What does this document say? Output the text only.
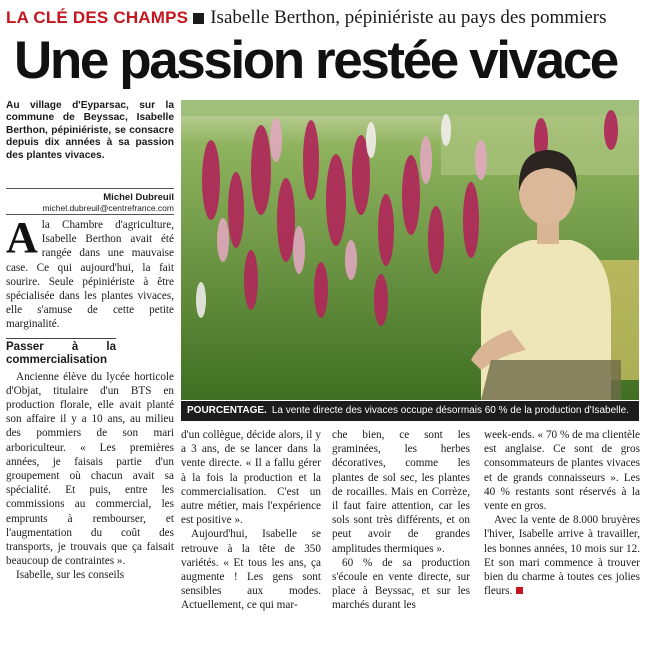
LA CLÉ DES CHAMPS Isabelle Berthon, pépiniériste au pays des pommiers
Une passion restée vivace
Au village d'Eyparsac, sur la commune de Beyssac, Isabelle Berthon, pépiniériste, se consacre depuis dix années à sa passion des plantes vivaces.
Michel Dubreuil
michel.dubreuil@centrefrance.com

Ala Chambre d'agriculture, Isabelle Berthon avait été rangée dans une mauvaise case. Ce qui aujourd'hui, la fait sourire. Seule pépiniériste à être spécialisée dans les plantes vivaces, elle s'amuse de cette petite marginalité.

Passer à la commercialisation

Ancienne élève du lycée horticole d'Objat, titulaire d'un BTS en production florale, elle avait planté son affaire il y a 10 ans, au milieu des pommiers de son mari arboriculteur. « Les premières années, je faisais partie d'un groupement où chacun avait sa spécialité. Et puis, entre les commissions au commercial, les emprunts à rembourser, et l'augmentation du coût des transports, je trouvais que ça faisait beaucoup de contraintes ».

Isabelle, sur les conseils

POURCENTAGE. La vente directe des vivaces occupe désormais 60 % de la production d'Isabelle.

d'un collègue, décide alors, il y a 3 ans, de se lancer dans la vente directe. « Il a fallu gérer à la fois la production et la commercialisation. C'est un autre métier, mais l'expérience est positive ».

Aujourd'hui, Isabelle se retrouve à la tête de 350 variétés. « Et tous les ans, ça augmente ! Les gens sont sensibles aux modes. Actuellement, ce qui mar-

che bien, ce sont les graminées, les herbes décoratives, comme les plantes de sol sec, les plantes de rocailles. Mais en Corrèze, il faut faire attention, car les sols sont très différents, et on peut avoir de grandes amplitudes thermiques ».

60 % de sa production s'écoule en vente directe, sur place à Beyssac, et sur les marchés durant les

week-ends. « 70 % de ma clientèle est anglaise. Ce sont de gros consommateurs de plantes vivaces et de grands connaisseurs ». Les 40 % restants sont réservés à la vente en gros.

Avec la vente de 8.000 bruyères l'hiver, Isabelle arrive à travailler, les bonnes années, 10 mois sur 12. Et son mari commence à trouver bien du charme à toutes ces jolies fleurs.
